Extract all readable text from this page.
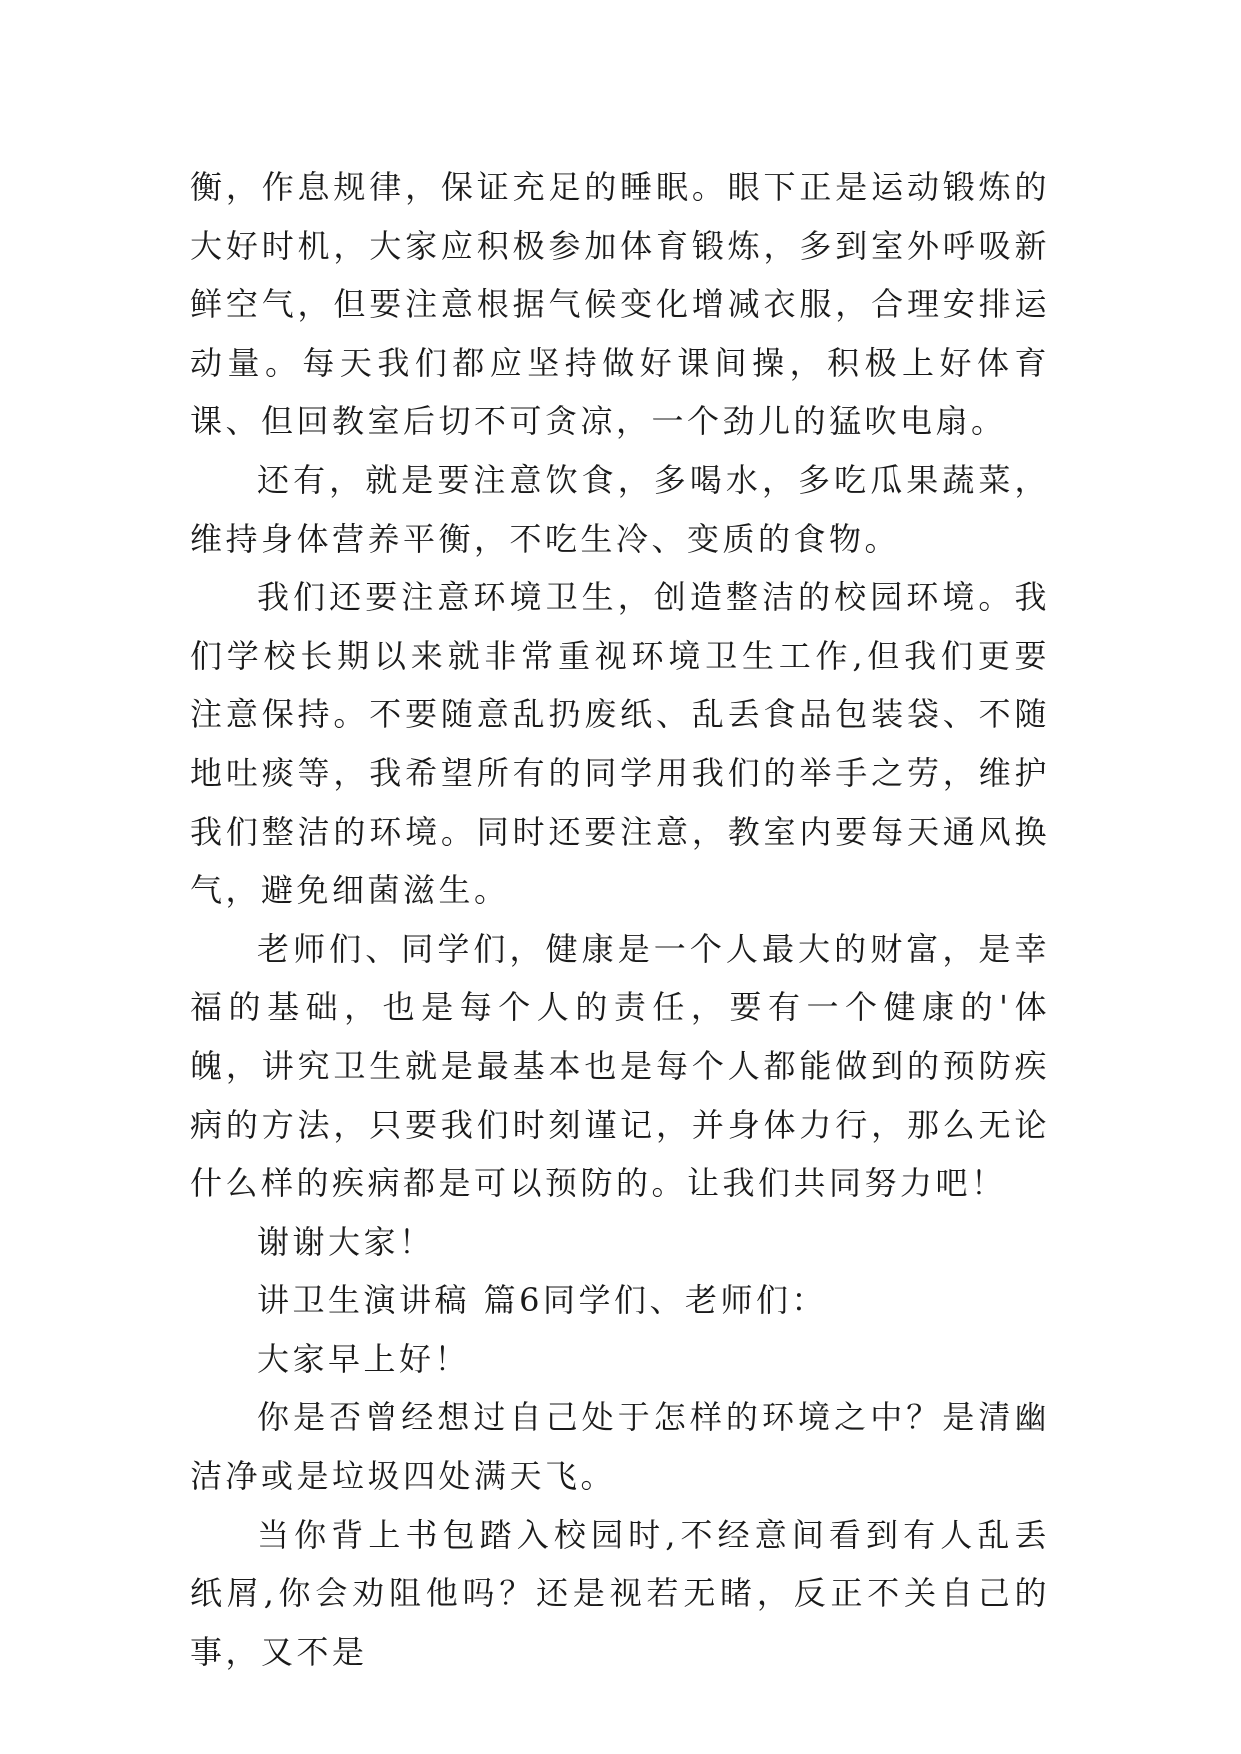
衡，作息规律，保证充足的睡眠。眼下正是运动锻炼的大好时机，大家应积极参加体育锻炼，多到室外呼吸新鲜空气，但要注意根据气候变化增减衣服，合理安排运动量。每天我们都应坚持做好课间操，积极上好体育课、但回教室后切不可贪凉，一个劲儿的猛吹电扇。

还有，就是要注意饮食，多喝水，多吃瓜果蔬菜，维持身体营养平衡，不吃生冷、变质的食物。

我们还要注意环境卫生，创造整洁的校园环境。我们学校长期以来就非常重视环境卫生工作,但我们更要注意保持。不要随意乱扔废纸、乱丢食品包装袋、不随地吐痰等，我希望所有的同学用我们的举手之劳，维护我们整洁的环境。同时还要注意，教室内要每天通风换气，避免细菌滋生。

老师们、同学们，健康是一个人最大的财富，是幸福的基础，也是每个人的责任，要有一个健康的'体魄，讲究卫生就是最基本也是每个人都能做到的预防疾病的方法，只要我们时刻谨记，并身体力行，那么无论什么样的疾病都是可以预防的。让我们共同努力吧！

谢谢大家！

讲卫生演讲稿 篇6同学们、老师们：

大家早上好！

你是否曾经想过自己处于怎样的环境之中？是清幽洁净或是垃圾四处满天飞。

当你背上书包踏入校园时,不经意间看到有人乱丢纸屑,你会劝阻他吗？还是视若无睹，反正不关自己的事，又不是
